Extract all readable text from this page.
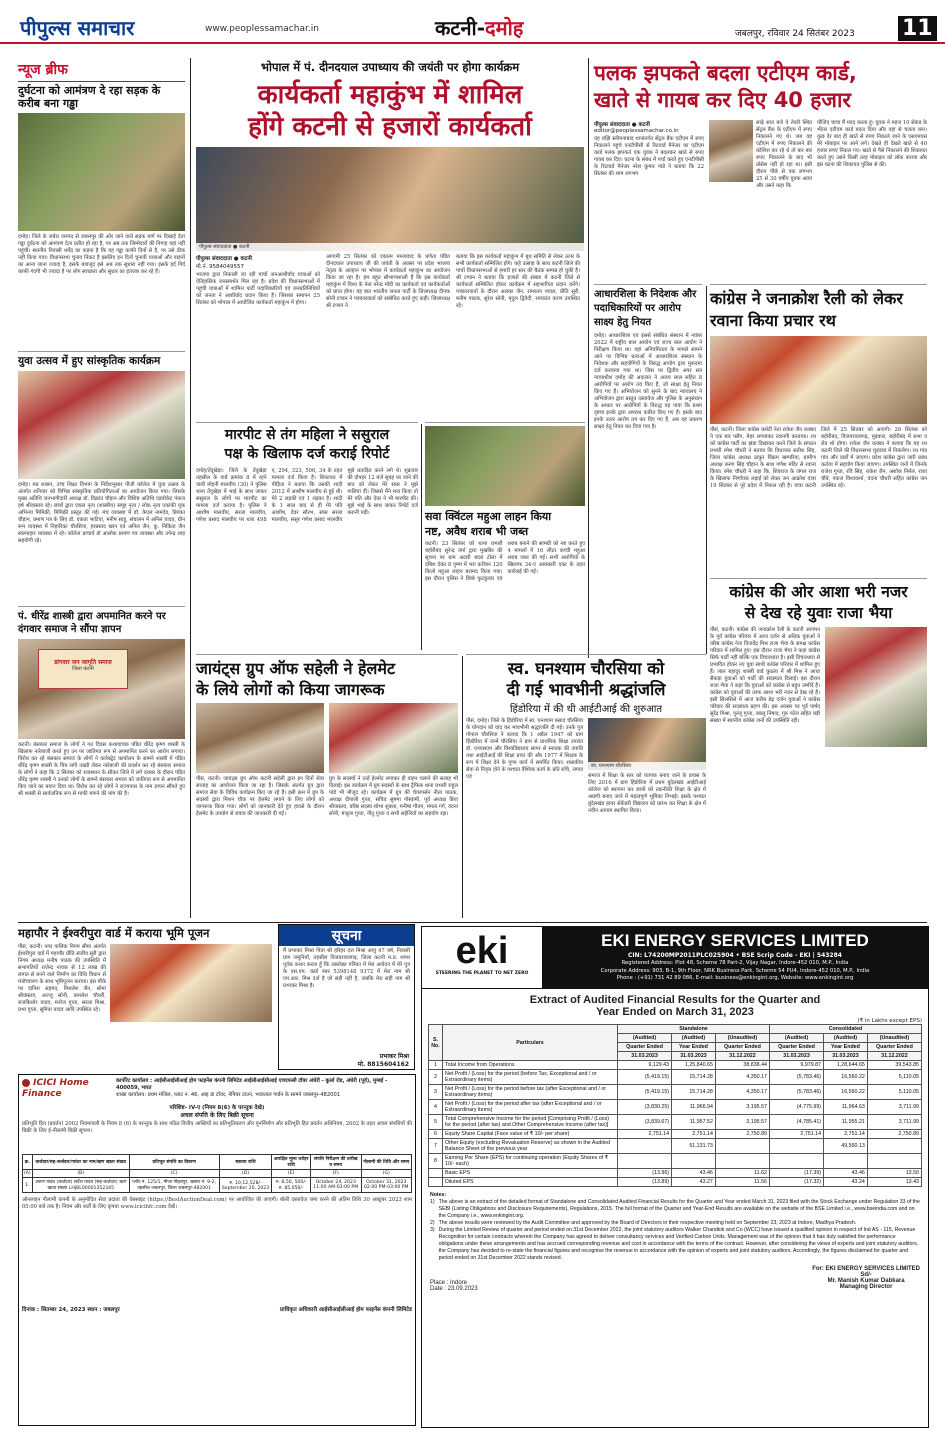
पीपुल्स समाचार	www.peoplessamachar.in	कटनी-दमोह	जबलपुर, रविवार 24 सितंबर 2023 11
न्यूज ब्रीफ
दुर्घटना को आमंत्रण दे रहा सड़क के करीब बना गड्ढा
दमोह। जिले के जबेरा जनपद से जबलपुर की ओर जाने वाले सड़क मार्ग पर दिखाई देता गड्ढा दुर्घटना को आमंत्रण देता प्रतीत हो रहा है, पर अब तक जिम्मेदारों की निगाह यहां नहीं पहुंची। स्थानीय निवासी धर्मेंद्र का कहना है कि यह गड्ढा काफी दिनों से है, पर उसे ठीक नहीं किया गया। विधानसभा चुनाव निकट है इसलिए इन दिनों चुनावी यात्राओं और वाहनों का आना जाना ज्यादा है, इसके बावजूद इसे अब तक सुधारा नहीं गया। इसके इर्द गिर्द काफी गंदगी भी ज्यादा है पर लोग स्वच्छता और सुधार का इंतजार कर रहे हैं।
युवा उत्सव में हुए सांस्कृतिक कार्यक्रम
दमोह। मप्र शासन, उच्च शिक्षा विभाग के निर्देशानुसार पीजी कॉलेज में युवा उत्सव के अंतर्गत शनिवार को विभिन्न सांस्कृतिक प्रतियोगिताओं का आयोजन किया गया। जिसके मुख्य अतिथि जनभागीदारी अध्यक्ष डॉ. विक्रांत चौहान और विशिष्ट अतिथि एडवोकेट पंकज हर्ष श्रीवास्तव रहे। छात्रों द्वारा एकल नृत्य (शास्त्रीय) समूह नृत्य / लोक नृत्य एकांकी मूक अभिनय मिमिक्री, मिमिक्री प्रस्तुत की गई। मंच व्यवस्था में डॉ. केएल नामदेव, प्रियंका चौहान, प्रमाण पत्र के लिए डॉ. एकता भाटिया, मनीष साहू, संचालन में अनिल यादव, ग्रीन रूम व्यवस्था में निहारिका चौरसिया, हरप्रसाद खान एवं अनिल जैन, कु. निकिता जैन स्वल्पाहार व्यवस्था में रहे। कॉलेज प्राचार्य डॉ आलोक प्रमाण पत्र व्यवस्था और उपेन्द्र शाह सहयोगी रहे।
पं. धीरेंद्र शास्त्री द्वारा अपमानित करने पर दंगवार समाज ने सौंपा ज्ञापन
डांगवार जन जागृति समाज
जिला कटनी
कटनी। बंसकार समाज के लोगों ने गत दिवस कथावाचक पंडित धीरेंद्र कृष्ण शास्त्री के खिलाफ नारेबाजी करते हुए उन पर जातिगत रूप से अपमानित करने का आरोप लगाया। विरोध कर रहे बंसकार समाज के लोगों ने कलेक्ट्रेट कार्यालय के सामने शास्त्री में पंडित धीरेंद्र कृष्ण शास्त्री के चित्र लगी तख्ती लेकर नारेबाजी की प्रदर्शन कर रहे बंसकार समाज के लोगों ने कहा कि 2 सितंबर को राजस्थान के सीकर जिले में लगे दरबार के दौरान पंडित धीरेंद्र कृष्ण शास्त्री ने उनको लोगों के सामने बंसकार समाज को जातिगत रूप से अपमानित किए जाने का बयान दिया था। विरोध कर रहे लोगों ने राज्यपाल के नाम ज्ञापन सौंपते हुए श्री शास्त्री से सार्वजनिक रूप से माफी मांगने की मांग की है।
भोपाल में पं. दीनदयाल उपाध्याय की जयंती पर होगा कार्यक्रम
कार्यकर्ता महाकुंभ में शामिल
होंगे कटनी से हजारों कार्यकर्ता
पीपुल्स संवाददाता ● कटनी
पीपुल्स संवाददाता ● कटनी
मो.नं. 9584049557
भाजपा द्वारा निकाली जा रही पांचों जनआशीर्वाद यात्राओं को ऐतिहासिक जनसमर्थन मिल रहा है। प्रदेश की विधानसभाओं में पहुंची यात्राओं में शामिल पार्टी पदाधिकारियों एवं जनप्रतिनिधियों को जनता ने आशीर्वाद प्रदान किया है। जिसका समापन 25 सितंबर को भोपाल में आयोजित कार्यकर्ता महाकुंभ में होगा।
आगामी 25 सितंबर को एकात्म मानववाद के प्रणेता पंडित दीनदयाल उपाध्याय जी की जयंती के अवसर पर प्रदेश भाजपा नेतृत्व के आव्हान पर भोपाल में कार्यकर्ता महाकुंभ का आयोजन किया जा रहा है। हम बहुत सौभाग्यशाली हैं कि इस कार्यकर्ता महाकुंभ में विश्व के नेता नरेन्द्र मोदी का कार्यकर्ता एवं कार्यकर्ताओं को प्राप्त होगा। यह बात भारतीय जनता पार्टी के जिलाध्यक्ष दीपक सोनी टण्डन ने पत्रकारवार्ता को संबोधित करते हुए कही। जिलाध्यक्ष श्री टण्डन ने
बताया कि इस कार्यकर्ता महाकुंभ में बूथ समिति से लेकर ऊपर के सभी कार्यकर्ता सम्मिलित होंगे। कहे उत्साह के साथ कटनी जिले की पांचों विधानसभाओं से हमारी हर स्तर की बैठक सम्पन्न हो चुकी है। श्री टण्डन ने बताया कि हजारों की संख्या में कटनी जिले से कार्यकर्ता सम्मिलित होकर कार्यक्रम में सहभागिता प्रदान करेंगे। पत्रकारवार्ता के दौरान अलका जैन, रामरतन पायल, प्रीति सूरी, मनीष पाठक, सुरेश सोनी, मृदुल द्विवेदी, रमाकांत करण उपस्थित रहे।
पलक झपकते बदला एटीएम कार्ड,
खाते से गायब कर दिए 40 हजार
पीपुल्स संवाददाता ● कटनी
editor@peoplessamachar.co.in
यह रांझि स्लीमनाबाद थानांतर्गत सेंट्रल बैंक एटीएम में रुपए निकालने पहुंचे एनटीपीसी से रिटायर्ड मैनेजर का एटीएम कार्ड पलक झपकते एक युवक ने बदलकर खाते से रुपए गायब कर दिए। घटना के संबंध में पर्चा करते हुए एनटीपीसी के रिटायर्ड मैनेजर नरेश कुमार पांडे ने बताया कि 22 सितंबर की शाम लगभग
साढ़े सात बजे वे तेवरी स्थित सेंट्रल बैंक के एटीएम में रुपए निकालने गए थे। जब वह एटीएम में रुपए निकालने की कोशिश कर रहे थे तो बार बार रुपए निकालने के बाद भी प्रोसेस नहीं हो रहा था। इसी दौरान पीछे से एक लगभग 25 से 30 वर्षीय युवक आया और उसने कहा कि
पीजिए चाचा मैं मदद करता हूं। युवक ने महज 10 सेकंड के भीतर एटीएम कार्ड बदल दिया और वहां से चलता बना। कुछ देर बाद ही खाते से रुपए निकाले जाने के एसएमएस मेरे मोबाइल पर आने लगे। देखते ही देखते खाते से 40 हजार रुपए निकल गए। खाते से पैसे निकालने की शिकायत करते हुए उसने किसी तरह मोबाइल को लॉक कराया और इस घटना की शिकायत पुलिस से की।
आधारशिला के निदेशक और पदाधिकारियों पर आरोप साक्ष्य हेतु नियत
दमोह। आधारशिला एवं इससे संबंधित संस्थान में नवंबर 2022 में राष्ट्रीय बाल आयोग एवं राज्य बाल आयोग ने निरीक्षण किया था। वहां अनियमितता के मामले सामने आने पर विभिन्न धाराओं में आधारशिला संस्थान के निदेशक और सहयोगियों के विरुद्ध आयोग द्वारा मुकदमा दर्ज करवाया गया था। जिस पर द्वितीय अपर सत्र न्यायाधीश दमोह की अदालत ने अजय लाल सहित 8 आरोपियों पर आरोप तय किए हैं, जो साक्ष्य हेतु नियत किए गए हैं। अभियोजन को सुनने के बाद न्यायालय ने अभियोजन द्वारा प्रस्तुत दस्तावेज और पुलिस के अनुसंधान के आधार पर आरोपियों के विरुद्ध यह पाया कि प्रथम दृष्टया इनके द्वारा अपराध कारित किए गए हैं। इसके बाद इनके ऊपर आरोप तय कर दिए गए हैं, अब यह प्रकरण साक्ष्य हेतु नियत कर दिया गया है।
कांग्रेस ने जनाक्रोश रैली को लेकर रवाना किया प्रचार रथ
पीसं, कटनी। जिला कांग्रेस कमेटी नेता राकेश जैन कक्का ने एक बार फ्लैग, मेहर लगवाकर रवानगी करवाया। रथ को कांग्रेस पार्टी का झंडा दिखाकर करने जिले के संगठन प्रभारी रमेश चौधरी ने बताया कि विधायक सतीश सिंह, जिला कांग्रेस अध्यक्ष ठाकुर विक्रम खम्परिया, ग्रामीण अध्यक्ष करण सिंह चौहान के साथ गणेश मंदिर से रवाना किया। रमेश चौधरी ने कहा कि, शिवराज के जंगल राज के खिलाफ निर्णायक लड़ाई को लेकर जन आक्रोश यात्रा 19 सितंबर से पूरे प्रदेश में निकल रही है। यात्रा कटनी जिले में 25 सितंबर को आएगी। 26 सितंबर को बहोरीबंद, विजयराघवगढ़, मुड़वारा, बहोरीबंद में सभा व रोड शो होगा। राकेश जैन कक्का ने बताया कि यह रथ कटनी जिले की विधानसभा मुड़वारा में निकलेगा। रथ गांव गांव और वार्डों में जाएगा। प्रदेश कांग्रेस द्वारा जारी प्रबंध कर्तव्य में सहयोग किया जाएगा। उपस्थित जनों में जिनके राजेश गुप्ता, रवि सिंह, राकेश जैन, अशोक निर्मल, राजा चौबे, पंकज विश्वकर्मा, वंदना चौधरी सहित कांग्रेस जन उपस्थित रहे।
कांग्रेस की ओर आशा भरी नजर
से देख रहे युवाः राजा भैया
पीसं, कटनी। कांग्रेस की जनाक्रोश रैली के कटनी आगमन के पूर्व कांग्रेस परिवार में आज दर्जन से अधिक युवाओं ने वरिष्ठ कांग्रेस नेता विजयेंद्र मिश्र राजा भैया के समक्ष कांग्रेस परिवार में शामिल हुए। इस दौरान राजा भैया ने कहा कांग्रेस सिर्फ पार्टी नहीं बल्कि एक विचारधारा है। इसी विचारधारा से प्रभावित होकर नए युवा साथी कांग्रेस परिवार में शामिल हुए हैं। लाल बहादुर शास्त्री वार्ड कुठला में श्री मिश्र ने आधा सैकड़ा युवाओं को पार्टी की सदस्यता दिलाई। इस दौरान राजा भैया ने कहा कि युवाओं को कांग्रेस से बहुत उम्मीदें हैं। कांग्रेस को युवाओं की तरफ आशा भरी नजर से देख रहे हैं। इसी सिलसिले में आज करीब डेढ़ दर्जन युवाओं ने कांग्रेस परिवार की सदस्यता ग्रहण की। इस अवसर पर पूर्व पार्षद सुरेंद्र मिश्रा, गुल्लू गुप्ता, बबलू निषाद, गुरु पटेल सहित बड़ी संख्या में स्थानीय कांग्रेस जनों की उपस्थिति रही।
मारपीट से तंग महिला ने ससुराल
पक्ष के खिलाफ दर्ज कराई रिपोर्ट
दमोह/तेंदूखेड़ा। जिले के तेंदूखेड़ा तहसील के वार्ड क्रमांक 8 में रहने वाली मोहनी मालवीय (30) ने पुलिस थाना तेंदूखेड़ा में भाई के साथ जाकर ससुराल के लोगों पर मारपीट का मामला दर्ज कराया है। पुलिस ने आशीष मालवीय, सरला मालवीय, गणेश प्रसाद मालवीय पर धारा 498 ए, 294, 323, 506, 34 के तहत मामला दर्ज किया है। शिकायत में पीड़िता ने बताया कि उसकी शादी 2012 में आशीष मालवीय से हुई थी। मेरे 2 लड़की एवं 1 लड़का है। शादी के 1 साल बाद से ही मेरे पति आशीष, देवर सौरभ, सास सरला मालवीय, ससुर गणेश प्रसाद मालवीय मुझे प्रताड़ित करने लगे थे। शुक्रवार की दोपहर 12 बजे सुबह घर जाने की बात को लेकर मेरे सास ने मुझे गालियां दीं। जिससे मैंने मना किया तो मेरे पति और देवर ने भी मारपीट की। मुझे भाई के साथ जाकर रिपोर्ट दर्ज करानी पड़ी।	सवा क्विंटल महुआ लाहन किया
नष्ट, अवैध शराब भी जब्त
कटनी। 23 सितंबर को थाना प्रभारी बहोरीबंद सुरेन्द्र वर्मा द्वारा मुखबिर की सूचना पर ग्राम अटारी बदरा टोला में दबिश देकर 8 गुम्मा में भरा करीबन 120 किलो महुआ लाहन बरामद किया गया। इस दौरान पुलिस ने डिब्बे फुटकुवार एवं शराब बनाने की सामग्री को नष्ट करते हुए 4 मामलों में 16 लीटर कच्ची महुआ शराब जब्त की गई। सभी आरोपियों के खिलाफ 34-ए आबकारी एक्ट के तहत कार्रवाई की गई।
जायंट्स ग्रुप ऑफ सहेली ने हेलमेट
के लिये लोगों को किया जागरूक
पीसं, कटनी। जायंट्स ग्रुप ऑफ कटनी सहेली द्वारा इन दिनों सेवा सप्ताह का आयोजन किया जा रहा है। जिसके अंतर्गत ग्रुप द्वारा समाज सेवा के विविध कार्यक्रम किए जा रहे हैं। इसी क्रम में ग्रुप के सदस्यों द्वारा मिशन चौक पर हेलमेट लगाने के लिए लोगों को जागरूक किया गया। लोगों को जानकारी देते हुए हादसे के दौरान हेलमेट के उपयोग से बचाव की जानकारी दी गई।
ग्रुप के सदस्यों ने उन्हें हेलमेट लगाकर ही वाहन चलाने की सलाह भी दिलाई। इस कार्यक्रम में ग्रुप सदस्यों के साथ ट्रैफिक थाना प्रभारी राहुल पांडे भी मौजूद रहे। कार्यक्रम में ग्रुप की चेयरपर्सन नीता पाठक, अध्यक्ष दीपाली गुप्ता, सचिव सुषमा गोस्वामी, पूर्व अध्यक्ष प्रिया श्रीवास्तव, वरिष्ठ सदस्य शोभा शुक्ला, मनीषा गौतम, ममता गर्ग, वंदना सोनी, मंजूला गुप्ता, नीतू गुप्ता व सभी सहेलियों का सहयोग रहा।
स्व. घनश्याम चौरसिया को
दी गई भावभीनी श्रद्धांजलि
हिंडोरिया में की थी आईटीआई की शुरुआत
पीसं, दमोह। जिले के हिंडोरिया में स्व. घनश्याम प्रसाद चौरसिया के योगदान को याद कर भावभीनी श्रद्धांजलि दी गई। उनके पुत्र गोपाल चौरसिया ने बताया कि 1 अप्रैल 1947 को ग्राम हिंडोरिया में जन्में चौरसिया ने ग्राम से प्राथमिक शिक्षा उपरांत डॉ. एनएसएम और विश्वविद्यालय सागर से स्नातक की उपाधि तथा आईटीआई की शिक्षा प्राप्त की और 1977 में शिक्षक के रूप में शिक्षा देने के पुण्य कार्य में समर्पित किया। शासकीय सेवा से निवृत्त होने के पश्चात वैश्विक कार्य के प्रति रुचि, लगाव एवं
स्व. घनश्याम चौरसिया
समाज में शिक्षा के स्तर को व्यापक बनाए जाने के प्रयास के लिए 2016 में ग्राम हिंडोरिया में प्रथम बुंदेलखंड आईटीआई कॉलेज को स्थापना कर छात्रों को तकनीकी शिक्षा के क्षेत्र में अग्रणी बनाए जाने में महत्वपूर्ण भूमिका निभाई। इसके पश्चात बुंदेलखंड हायर सेकेंडरी विद्यालय को प्रारंभ कर शिक्षा के क्षेत्र में नवीन आयाम स्थापित किया।
महापौर ने ईश्वरीपुरा वार्ड में कराया भूमि पूजन
पीसं, कटनी। नगर पालिक निगम सीमा अंतर्गत ईश्वरीपुरा वार्ड में महापौर प्रीति संजीव सूरी द्वारा निगम अध्यक्ष मनीष पाठक की उपस्थिति में सभापतियों राजेन्द्र नायक से 12 लाख की लागत से बनने वाले निर्माण का विधि विधान से मंत्रोच्चारण के साथ भूमिपूजन कराया। इस मौके पर दानिश अहमद, मिथलेश जैन, सोमा श्रीवास्तव, अज्जू सोनी, कमलेश चौधरी, राजकिशोर यादव, मनोज गुप्ता, सरला मिश्रा, प्रभा गुप्ता, सुमित्रा यादव आदि उपस्थित रहे।
सूचना
मैं प्रभाकर मिश्रा पिता श्री हरिहर दत्त मिश्रा आयु 47 वर्ष, निवासी ग्राम जमुनियाँ, तहसील विजयराघवगढ़, जिला कटनी म.प्र. शपथ पूर्वक कथन करता हूँ कि उक्तोक्त पत्रिका में मेरा आवेदन में मेरे पुत्र के एस.एम. कार्ड नंबर 5398148 9372 में मेरा नाम श्री एम.आर. मिश्र दर्ज है जो सही नहीं है, जबकि मेरा सही नाम श्री प्रभाकर मिश्रा है।
प्रभाकर मिश्रा
मो. 8815604162
ICICI Home Finance
कार्पोरेट कार्यालय : आईसीआईसीआई होम फाइनेंस कंपनी लिमिटेड आईसीआईसीआई एचएफसी टॉवर अंधेरी - कुर्ला रोड, अंधेरी (पूर्व), मुम्बई - 400059, भारत
शाखा कार्यालय: प्रथम मंजिल, प्लाट न. 46, आइ डा टॉवर, नेपियर टाउन, भवरताल गार्डन के सामने जबलपुर-482001
परिशिष्ट- IV-ए (नियम 8(6) के परन्तुक देखे)
अचल संपत्ति के लिए बिक्री सूचना
प्रतिभूति हित (प्रवर्तन) 2002 नियमावली के नियम 8 (6) के परन्तुक के साथ पठित वित्तीय आस्तियों का प्रतिभूतिकरण और पुनर्निर्माण और प्रतिभूति हित प्रवर्तन अधिनियम, 2002 के तहत अचल संपत्तियों की बिक्री के लिए ई-नीलामी बिक्री सूचना।
क्र.	कर्जदार/सह-कर्जदार/गारंटर का नाम/ऋण खाता संख्या	प्रतिभूत संपत्ति का विवरण	बकाया राशि	आरक्षित मूल्य धरोहर राशि	संपत्ति निरीक्षण की तारीख व समय	नीलामी की तिथि और समय
(A)	(B)	(C)	(D)	(E)	(F)	(G)
1.	अरुण यादव (कर्जदार) सर्वेश यादव (सह-कर्जदार) ऋण खाता संख्या LHJBL00001352345	प्लॉट नं. 125/1, मौजा गोहलपुर, खसरा नं. 9-2, तहसील जबलपुर, जिला जबलपुर-482001	रु. 10,12,528/- September 20, 2023	रु. 8,50, 500/- रु. 85,050/-	October 24, 2023 11:00 AM-03:00 PM	October 31, 2023 02:00 PM-03:00 PM
ऑनलाइन नीलामी कंपनी के अनुमोदित सेवा प्रदाता की वेबसाइट (https://BestAuctionDeal.com) पर आयोजित की जाएगी। बोली दस्तावेज जमा करने की अंतिम तिथि 30 अक्टूबर 2023 शाम 05:00 बजे तक है। नियम और शर्तों के लिए कृपया www.icicihfc.com देखें।
दिनांक : सितम्बर 24, 2023 स्थान : जबलपुर	प्राधिकृत अधिकारी आईसीआईसीआई होम फाइनेंस कंपनी लिमिटेड
eki
STEERING THE PLANET TO NET ZERO
EKI ENERGY SERVICES LIMITED
CIN: L74200MP2011PLC025904 • BSE Scrip Code - EKI | 543284
Registered Address: Plot 48, Scheme 78 Part-2, Vijay Nagar, Indore-452 010, M.P., India
Corporate Address: 903, B-1, 9th Floor, NRK Business Park, Scheme 54 PU4, Indore-452 010, M.P., India
Phone : (+91) 731 42 89 086, E-mail: business@enkingint.org, Website: www.enkingint.org
Extract of Audited Financial Results for the Quarter and
Year Ended on March 31, 2023
(₹ in Lakhs except EPS)
S. No.	Particulars	Standalone			Consolidated		
		(Audited)	(Audited)	(Unaudited)	(Audited)	(Audited)	(Unaudited)
		Quarter Ended	Year Ended	Quarter Ended	Quarter Ended	Year Ended	Quarter Ended
		31.03.2023	31.03.2023	31.12.2022	31.03.2023	31.03.2023	31.12.2022
1	Total Income from Operations	9,129.43	1,25,840.65	38,838.44	9,979.87	1,28,644.65	39,543.85
2	Net Profit / (Loss) for the period (before Tax, Exceptional and / or Extraordinary items)	(5,419.15)	15,714.28	4,350.17	(5,783.46)	16,560.22	5,110.05
3	Net Profit / (Loss) for the period before tax (after Exceptional and / or Extraordinary items)	(5,419.15)	15,714.28	4,350.17	(5,783.46)	16,560.22	5,110.05
4	Net Profit / (Loss) for the period after tax (after Exceptional and / or Extraordinary items)	(3,830.25)	11,966.94	3,195.57	(4,775.99)	11,964.63	3,711.99
5	Total Comprehensive Income for the period [Comprising Profit / (Loss) for the period (after tax) and Other Comprehensive Income (after tax)]	(3,839.67)	11,957.52	3,195.57	(4,785.41)	11,955.21	3,711.99
6	Equity Share Capital (Face value of ₹ 10/- per share)	2,751.14	2,751.14	2,750.89	2,751.14	2,751.14	2,750.89
7	Other Equity (excluding Revaluation Reserve) as shown in the Audited Balance Sheet of the previous year		51,131.73			49,560.13	
8	Earning Per Share (EPS) for continuing operation (Equity Shares of ₹ 10/- each)						
	Basic EPS	(13.96)	43.46	11.62	(17.39)	43.46	13.50
	Diluted EPS	(13.89)	43.27	11.56	(17.32)	43.24	13.43
Notes:
1) The above is an extract of the detailed format of Standalone and Consolidated Audited Financial Results for the Quarter and Year ended March 31, 2023 filed with the Stock Exchange under Regulation 33 of the SEBI (Listing Obligations and Disclosure Requirements), Regulations, 2015. The full format of the Quarter and Year-End Results are available on the website of the BSE Limited i.e., www.bseindia.com and on the Company i.e., www.enkingint.org.
2) The above results were reviewed by the Audit Committee and approved by the Board of Directors in their respective meeting held on September 23, 2023 at Indore, Madhya Pradesh.
3) During the Limited Review of quarter and period ended on 31st December 2022, the joint statutory auditors Walker Chandiok and Co (WCC) have issued a qualified opinion in respect of Ind AS - 115, Revenue Recognition for certain contracts wherein the Company has agreed to deliver consultancy services and Verified Carbon Units. Management was of the opinion that it has duly satisfied the performance obligations under these arrangements and has accrued corresponding revenue and cost in accordance with the terms of the contract. However, after considering the views of experts and joint statutory auditors, the Company has decided to re-state the financial figures and recognise the revenue in accordance with the opinion of experts and joint statutory auditors. Accordingly, the figures disclaimed for quarter and period ended on 31st December 2022 stands revised.
Place : Indore
Date : 23.09.2023
For: EKI ENERGY SERVICES LIMITED
Sd/-
Mr. Manish Kumar Dabkara
Managing Director
